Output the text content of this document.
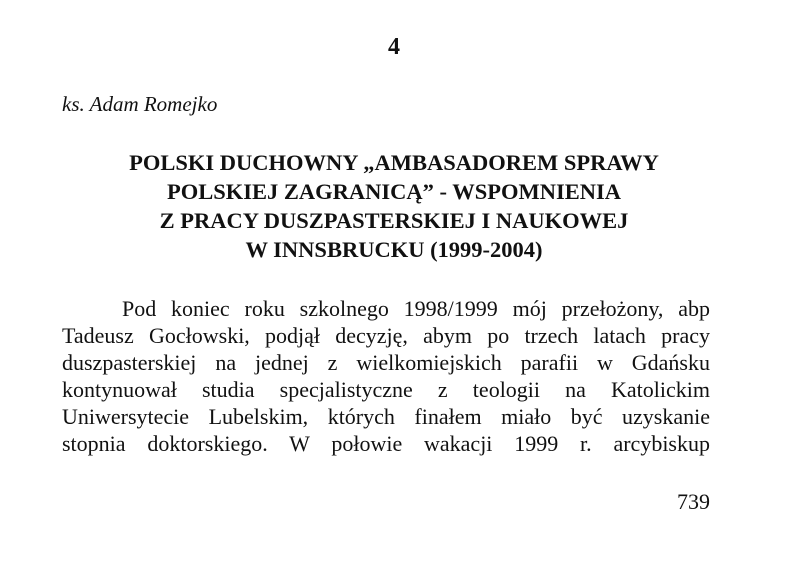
4
ks. Adam Romejko
POLSKI DUCHOWNY „AMBASADOREM SPRAWY
POLSKIEJ ZAGRANICĄ” - WSPOMNIENIA
Z PRACY DUSZPASTERSKIEJ I NAUKOWEJ
W INNSBRUCKU (1999-2004)
Pod koniec roku szkolnego 1998/1999 mój przełożony, abp
Tadeusz Gocłowski, podjął decyzję, abym po trzech latach pracy
duszpasterskiej na jednej z wielkomiejskich parafii w Gdańsku
kontynuował studia specjalistyczne z teologii na Katolickim
Uniwersytecie Lubelskim, których finałem miało być uzyskanie
stopnia doktorskiego. W połowie wakacji 1999 r. arcybiskup
739
